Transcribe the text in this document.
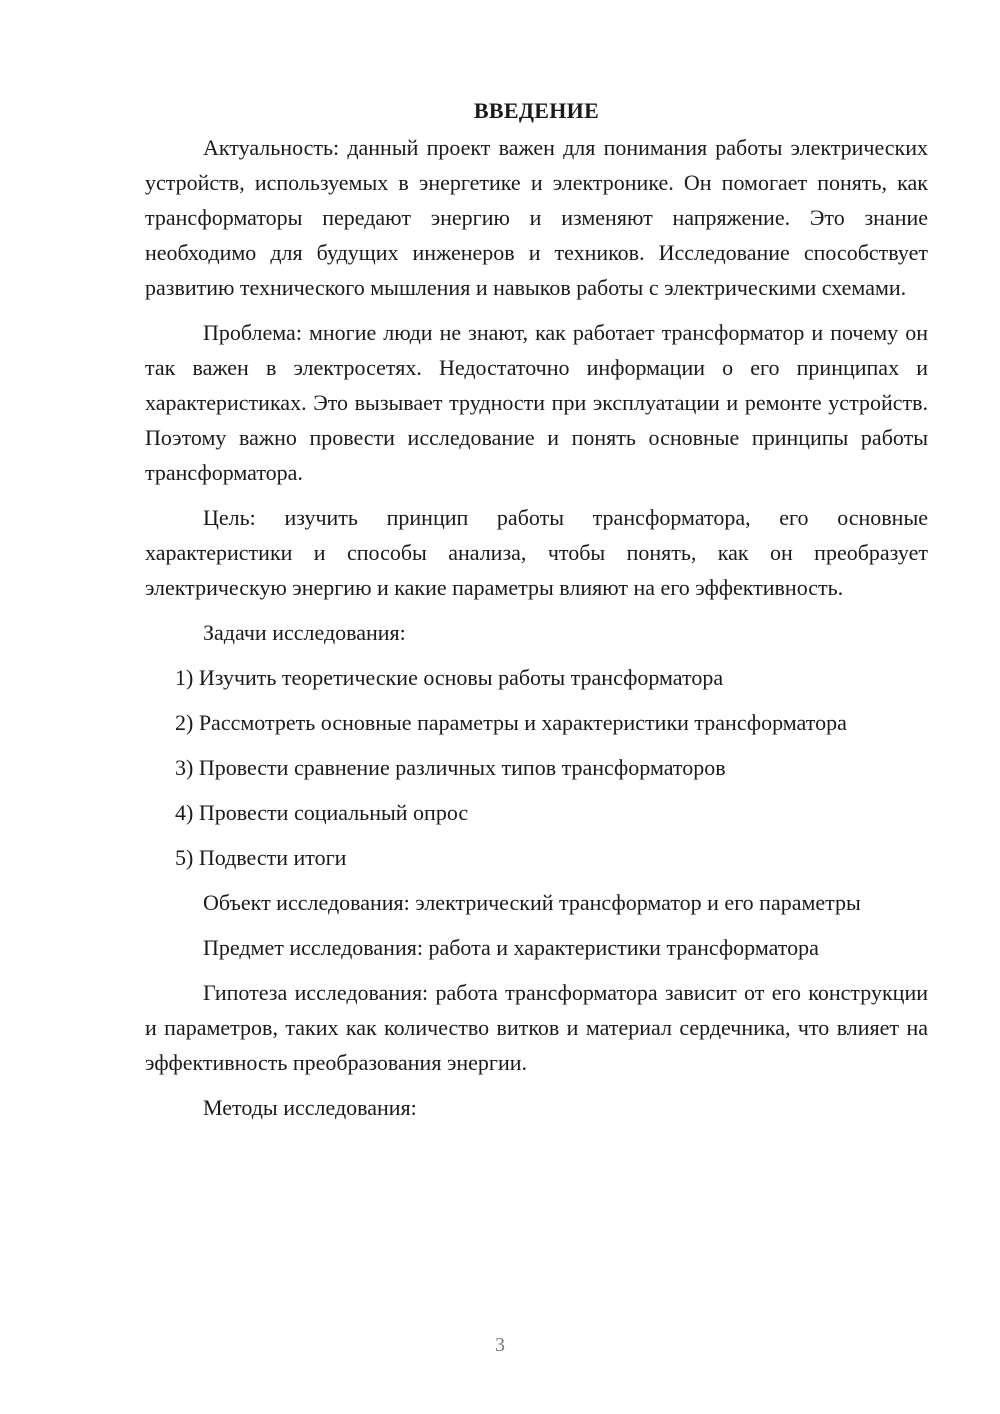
ВВЕДЕНИЕ

Актуальность: данный проект важен для понимания работы электрических устройств, используемых в энергетике и электронике. Он помогает понять, как трансформаторы передают энергию и изменяют напряжение. Это знание необходимо для будущих инженеров и техников. Исследование способствует развитию технического мышления и навыков работы с электрическими схемами.

Проблема: многие люди не знают, как работает трансформатор и почему он так важен в электросетях. Недостаточно информации о его принципах и характеристиках. Это вызывает трудности при эксплуатации и ремонте устройств. Поэтому важно провести исследование и понять основные принципы работы трансформатора.

Цель: изучить принцип работы трансформатора, его основные характеристики и способы анализа, чтобы понять, как он преобразует электрическую энергию и какие параметры влияют на его эффективность.

Задачи исследования:

1) Изучить теоретические основы работы трансформатора

2) Рассмотреть основные параметры и характеристики трансформатора

3) Провести сравнение различных типов трансформаторов

4) Провести социальный опрос

5) Подвести итоги

Объект исследования: электрический трансформатор и его параметры

Предмет исследования: работа и характеристики трансформатора

Гипотеза исследования: работа трансформатора зависит от его конструкции и параметров, таких как количество витков и материал сердечника, что влияет на эффективность преобразования энергии.

Методы исследования:

3
